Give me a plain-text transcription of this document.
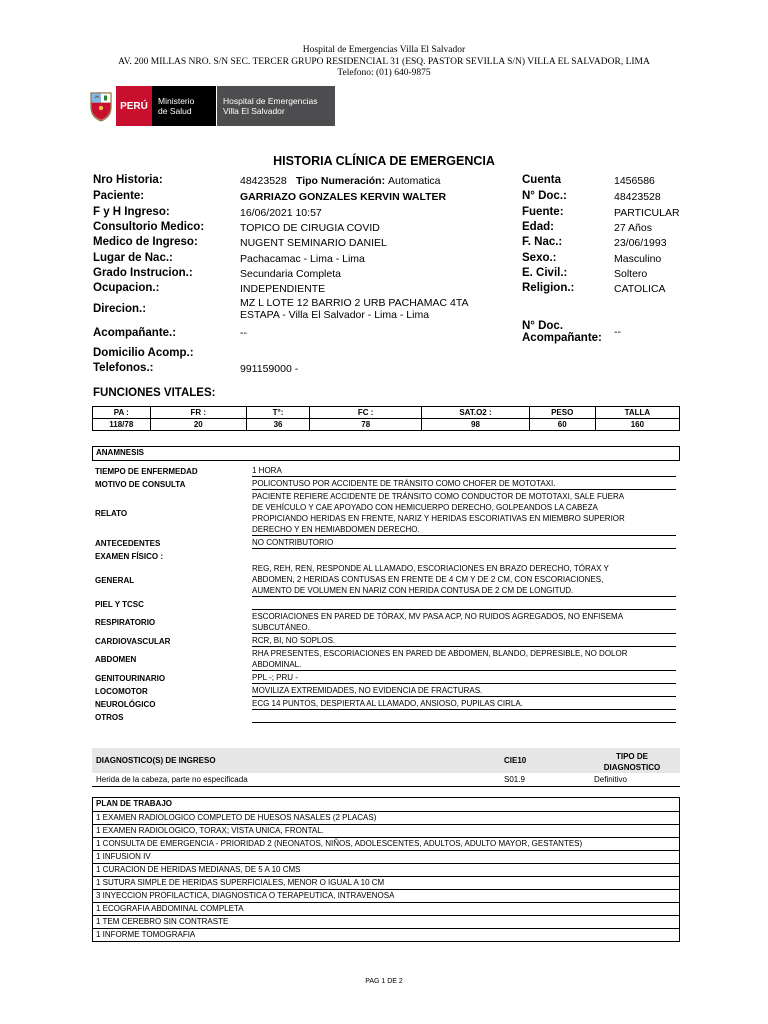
Hospital de Emergencias Villa El Salvador
AV. 200 MILLAS NRO. S/N SEC. TERCER GRUPO RESIDENCIAL 31 (ESQ. PASTOR SEVILLA S/N) VILLA EL SALVADOR, LIMA
Telefono: (01) 640-9875
PERÚ	Ministerio
de Salud
Hospital de Emergencias
Villa El Salvador
HISTORIA CLÍNICA DE EMERGENCIA
Nro Historia:	48423528 Tipo Numeración: Automatica
Paciente:	GARRIAZO GONZALES KERVIN WALTER
F y H Ingreso:	16/06/2021 10:57
Consultorio Medico:	TOPICO DE CIRUGIA COVID
Medico de Ingreso:	NUGENT SEMINARIO DANIEL
Lugar de Nac.:	Pachacamac - Lima - Lima
Grado Instrucion.:	Secundaria Completa
Ocupacion.:	INDEPENDIENTE
Direcion.:	MZ L LOTE 12 BARRIO 2 URB PACHAMAC 4TA
ESTAPA - Villa El Salvador - Lima - Lima
Acompañante.:	--
Domicilio Acomp.:
Telefonos.:	991159000 -
Cuenta	1456586
N° Doc.:	48423528
Fuente:	PARTICULAR
Edad:	27 Años
F. Nac.:	23/06/1993
Sexo.:	Masculino
E. Civil.:	Soltero
Religion.:	CATOLICA
N° Doc.
Acompañante: --
FUNCIONES VITALES:
PA :	FR :	T°:	FC :	SAT.O2 :	PESO	TALLA
118/78	20	36	78	98	60	160
ANAMNESIS
TIEMPO DE ENFERMEDAD	1 HORA
MOTIVO DE CONSULTA	POLICONTUSO POR ACCIDENTE DE TRÁNSITO COMO CHOFER DE MOTOTAXI.
RELATO
PACIENTE REFIERE ACCIDENTE DE TRÁNSITO COMO CONDUCTOR DE MOTOTAXI, SALE FUERA
DE VEHÍCULO Y CAE APOYADO CON HEMICUERPO DERECHO, GOLPEANDOS LA CABEZA
PROPICIANDO HERIDAS EN FRENTE, NARIZ Y HERIDAS ESCORIATIVAS EN MIEMBRO SUPERIOR
DERECHO Y EN HEMIABDOMEN DERECHO.
ANTECEDENTES	NO CONTRIBUTORIO
EXAMEN FÍSICO :
GENERAL
REG, REH, REN, RESPONDE AL LLAMADO, ESCORIACIONES EN BRAZO DERECHO, TÓRAX Y
ABDOMEN, 2 HERIDAS CONTUSAS EN FRENTE DE 4 CM Y DE 2 CM, CON ESCORIACIONES,
AUMENTO DE VOLUMEN EN NARIZ CON HERIDA CONTUSA DE 2 CM DE LONGITUD.
PIEL Y TCSC
RESPIRATORIO
ESCORIACIONES EN PARED DE TÓRAX, MV PASA ACP, NO RUIDOS AGREGADOS, NO ENFISEMA
SUBCUTÁNEO.
CARDIOVASCULAR	RCR, BI, NO SOPLOS.
ABDOMEN
RHA PRESENTES, ESCORIACIONES EN PARED DE ABDOMEN, BLANDO, DEPRESIBLE, NO DOLOR
ABDOMINAL.
GENITOURINARIO	PPL -; PRU -
LOCOMOTOR	MOVILIZA EXTREMIDADES, NO EVIDENCIA DE FRACTURAS.
NEUROLÓGICO	ECG 14 PUNTOS, DESPIERTA AL LLAMADO, ANSIOSO, PUPILAS CIRLA.
OTROS
DIAGNOSTICO(S) DE INGRESO	CIE10	TIPO DE
DIAGNOSTICO
Herida de la cabeza, parte no especificada	S01.9	Definitivo
PLAN DE TRABAJO
1 EXAMEN RADIOLOGICO COMPLETO DE HUESOS NASALES (2 PLACAS)
1 EXAMEN RADIOLOGICO, TORAX; VISTA UNICA, FRONTAL.
1 CONSULTA DE EMERGENCIA - PRIORIDAD 2 (NEONATOS, NIÑOS, ADOLESCENTES, ADULTOS, ADULTO MAYOR, GESTANTES)
1 INFUSION IV
1 CURACION DE HERIDAS MEDIANAS, DE 5 A 10 CMS
1 SUTURA SIMPLE DE HERIDAS SUPERFICIALES, MENOR O IGUAL A 10 CM
3 INYECCION PROFILACTICA, DIAGNOSTICA O TERAPEUTICA, INTRAVENOSA
1 ECOGRAFIA ABDOMINAL COMPLETA
1 TEM CEREBRO SIN CONTRASTE
1 INFORME TOMOGRAFIA
PAG 1 DE 2
